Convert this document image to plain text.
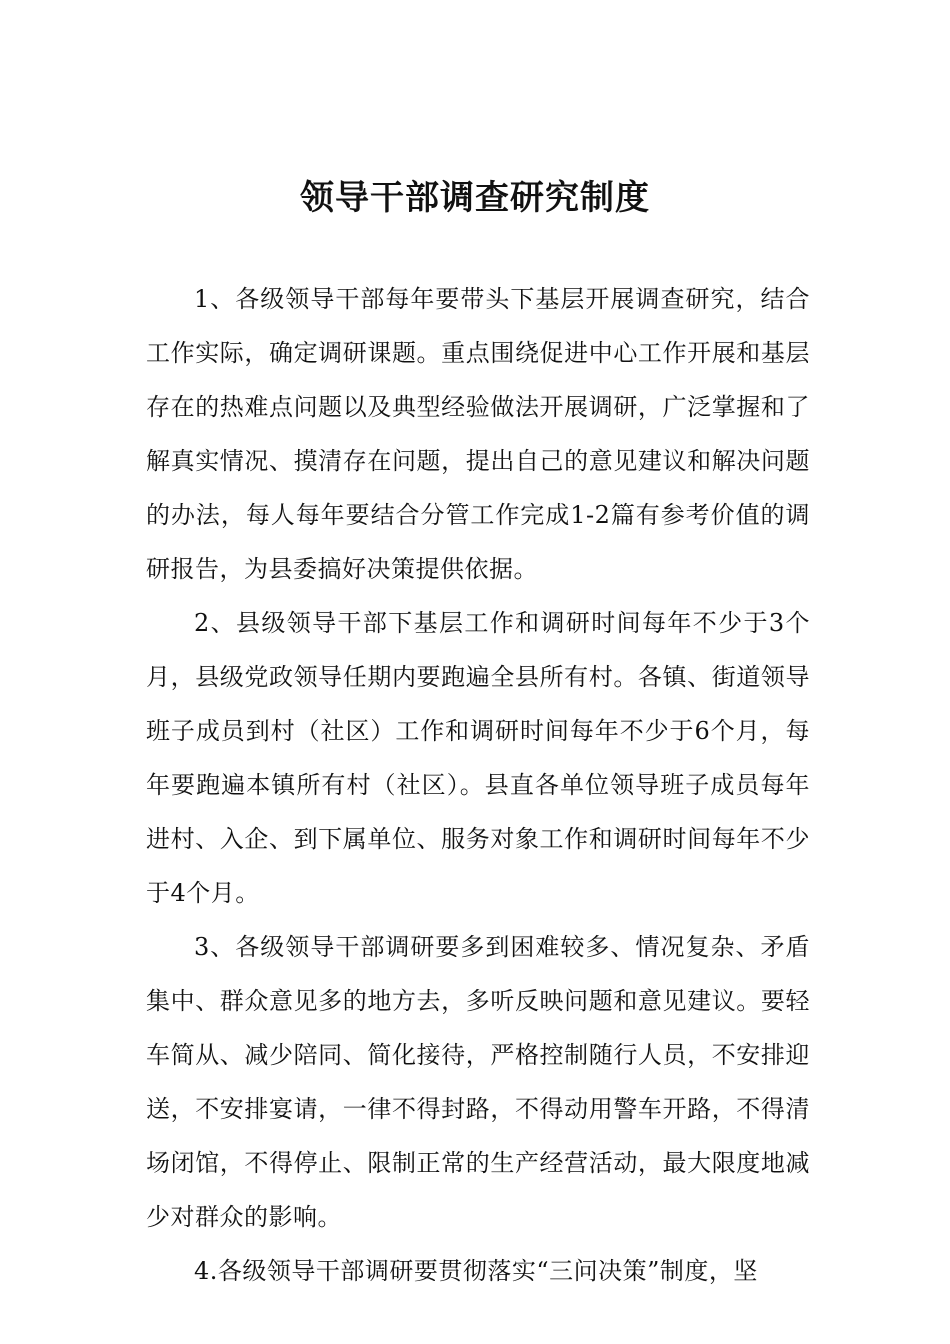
领导干部调查研究制度

1、各级领导干部每年要带头下基层开展调查研究，结合工作实际，确定调研课题。重点围绕促进中心工作开展和基层存在的热难点问题以及典型经验做法开展调研，广泛掌握和了解真实情况、摸清存在问题，提出自己的意见建议和解决问题的办法，每人每年要结合分管工作完成1-2篇有参考价值的调研报告，为县委搞好决策提供依据。

2、县级领导干部下基层工作和调研时间每年不少于3个月，县级党政领导任期内要跑遍全县所有村。各镇、街道领导班子成员到村（社区）工作和调研时间每年不少于6个月，每年要跑遍本镇所有村（社区）。县直各单位领导班子成员每年进村、入企、到下属单位、服务对象工作和调研时间每年不少于4个月。

3、各级领导干部调研要多到困难较多、情况复杂、矛盾集中、群众意见多的地方去，多听反映问题和意见建议。要轻车简从、减少陪同、简化接待，严格控制随行人员，不安排迎送，不安排宴请，一律不得封路，不得动用警车开路，不得清场闭馆，不得停止、限制正常的生产经营活动，最大限度地减少对群众的影响。

4.各级领导干部调研要贯彻落实“三问决策”制度，坚
